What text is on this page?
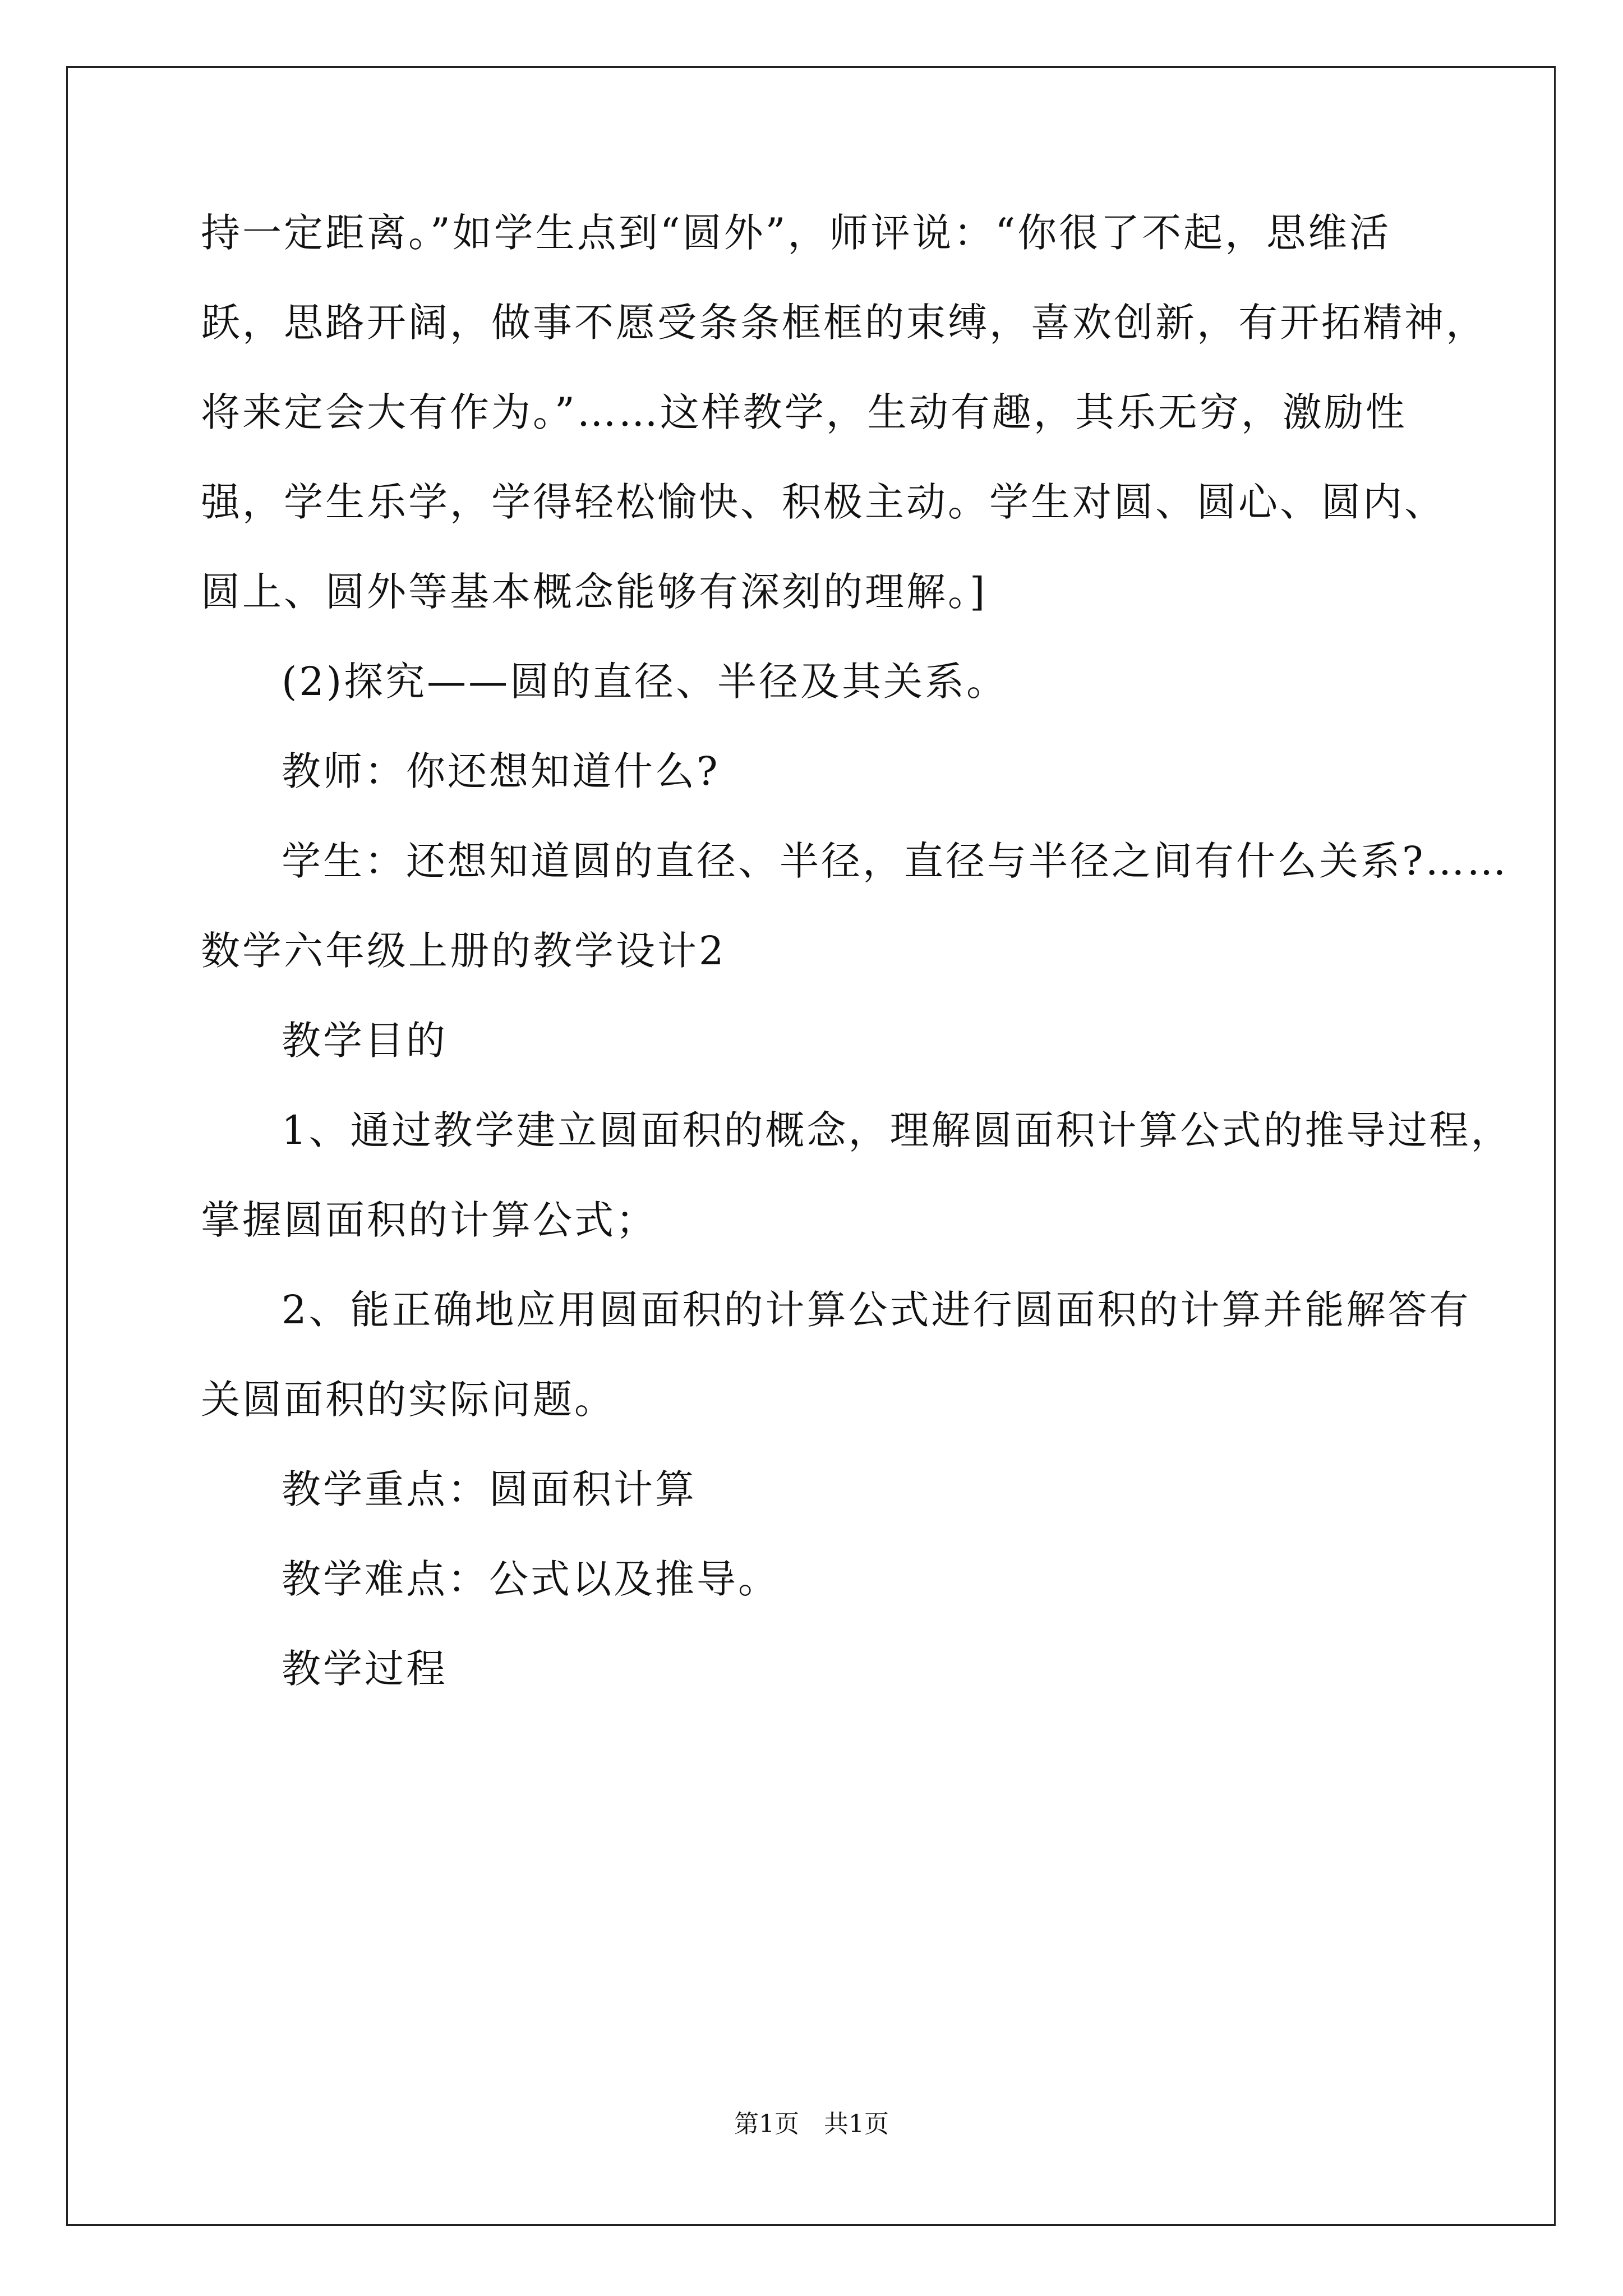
持一定距离。”如学生点到“圆外”，师评说：“你很了不起，思维活
跃，思路开阔，做事不愿受条条框框的束缚，喜欢创新，有开拓精神，
将来定会大有作为。”……这样教学，生动有趣，其乐无穷，激励性
强，学生乐学，学得轻松愉快、积极主动。学生对圆、圆心、圆内、
圆上、圆外等基本概念能够有深刻的理解。]
(2)探究——圆的直径、半径及其关系。
教师：你还想知道什么?
学生：还想知道圆的直径、半径，直径与半径之间有什么关系?……
数学六年级上册的教学设计2
教学目的
1、通过教学建立圆面积的概念，理解圆面积计算公式的推导过程，
掌握圆面积的计算公式；
2、能正确地应用圆面积的计算公式进行圆面积的计算并能解答有
关圆面积的实际问题。
教学重点：圆面积计算
教学难点：公式以及推导。
教学过程
第1页　共1页
